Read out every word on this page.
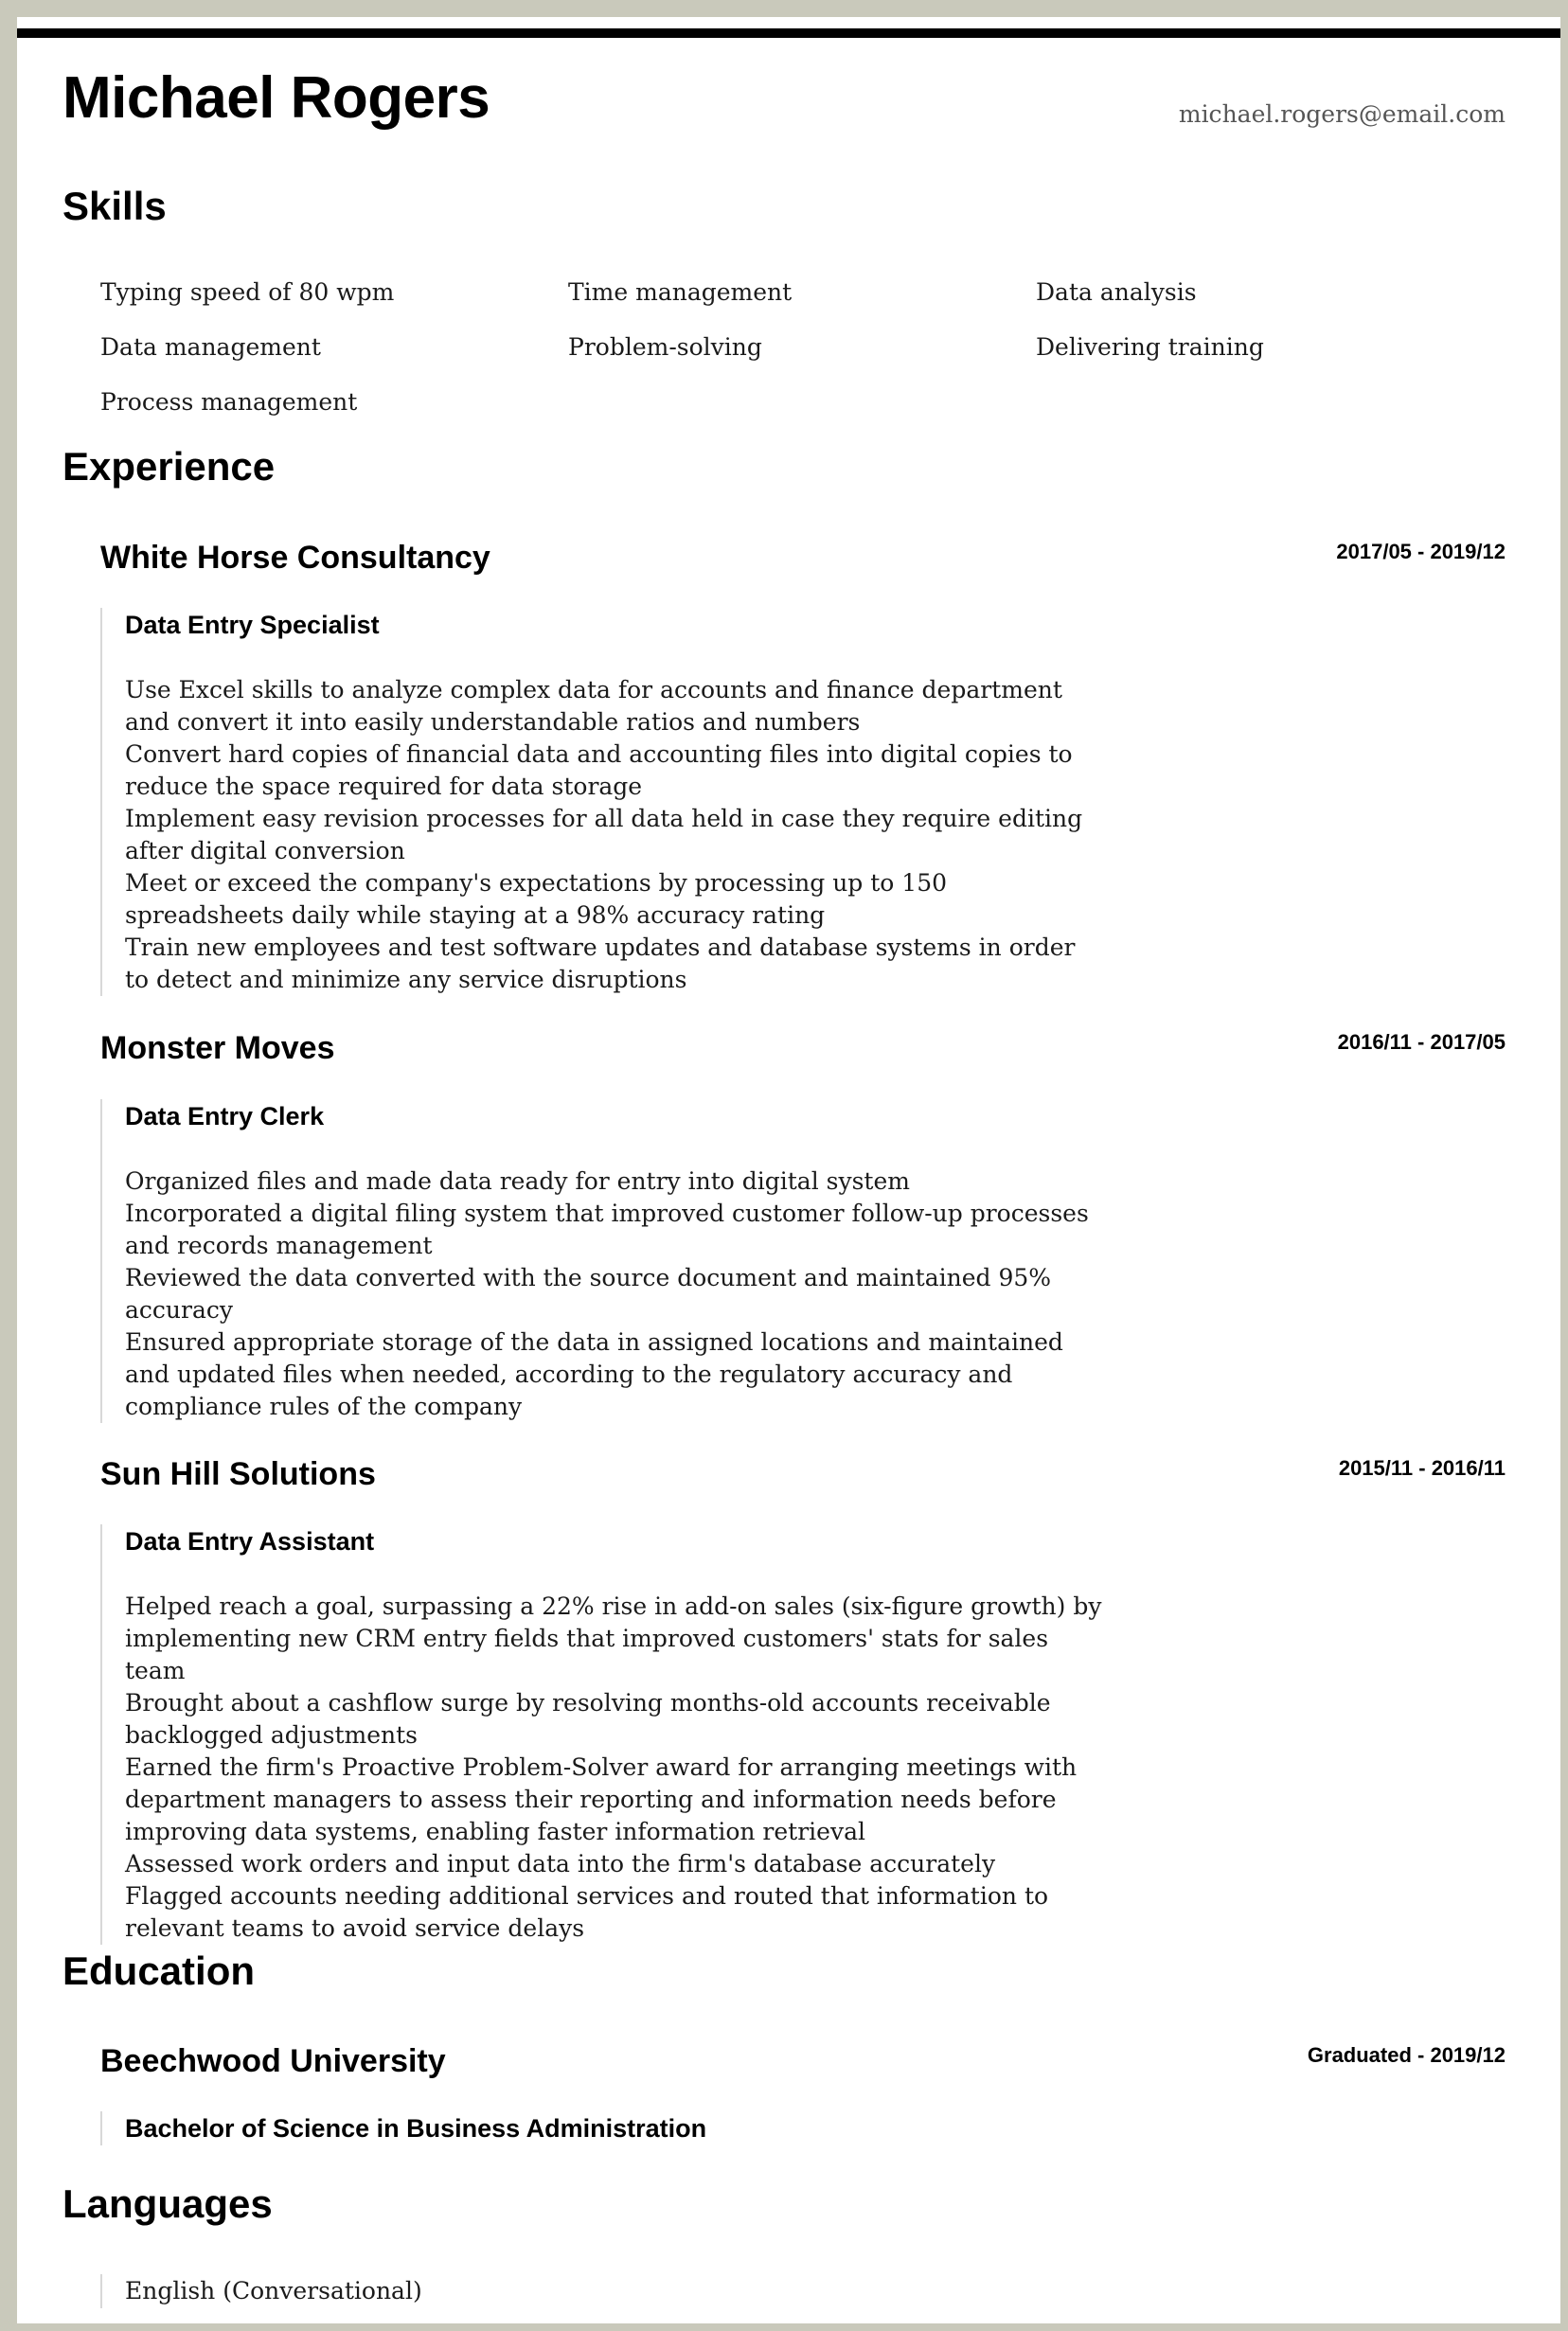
Michael Rogers	michael.rogers@email.com
Skills
Typing speed of 80 wpm	Time management	Data analysis
Data management	Problem-solving	Delivering training
Process management
Experience
White Horse Consultancy	2017/05 - 2019/12
Data Entry Specialist

Use Excel skills to analyze complex data for accounts and finance department and convert it into easily understandable ratios and numbers

Convert hard copies of financial data and accounting files into digital copies to reduce the space required for data storage

Implement easy revision processes for all data held in case they require editing after digital conversion

Meet or exceed the company's expectations by processing up to 150 spreadsheets daily while staying at a 98% accuracy rating

Train new employees and test software updates and database systems in order to detect and minimize any service disruptions

Monster Moves	2016/11 - 2017/05
Data Entry Clerk

Organized files and made data ready for entry into digital system

Incorporated a digital filing system that improved customer follow-up processes and records management

Reviewed the data converted with the source document and maintained 95% accuracy

Ensured appropriate storage of the data in assigned locations and maintained and updated files when needed, according to the regulatory accuracy and compliance rules of the company

Sun Hill Solutions	2015/11 - 2016/11
Data Entry Assistant

Helped reach a goal, surpassing a 22% rise in add-on sales (six-figure growth) by implementing new CRM entry fields that improved customers' stats for sales team

Brought about a cashflow surge by resolving months-old accounts receivable backlogged adjustments

Earned the firm's Proactive Problem-Solver award for arranging meetings with department managers to assess their reporting and information needs before improving data systems, enabling faster information retrieval

Assessed work orders and input data into the firm's database accurately

Flagged accounts needing additional services and routed that information to relevant teams to avoid service delays

Education
Beechwood University	Graduated - 2019/12
Bachelor of Science in Business Administration
Languages
English (Conversational)
